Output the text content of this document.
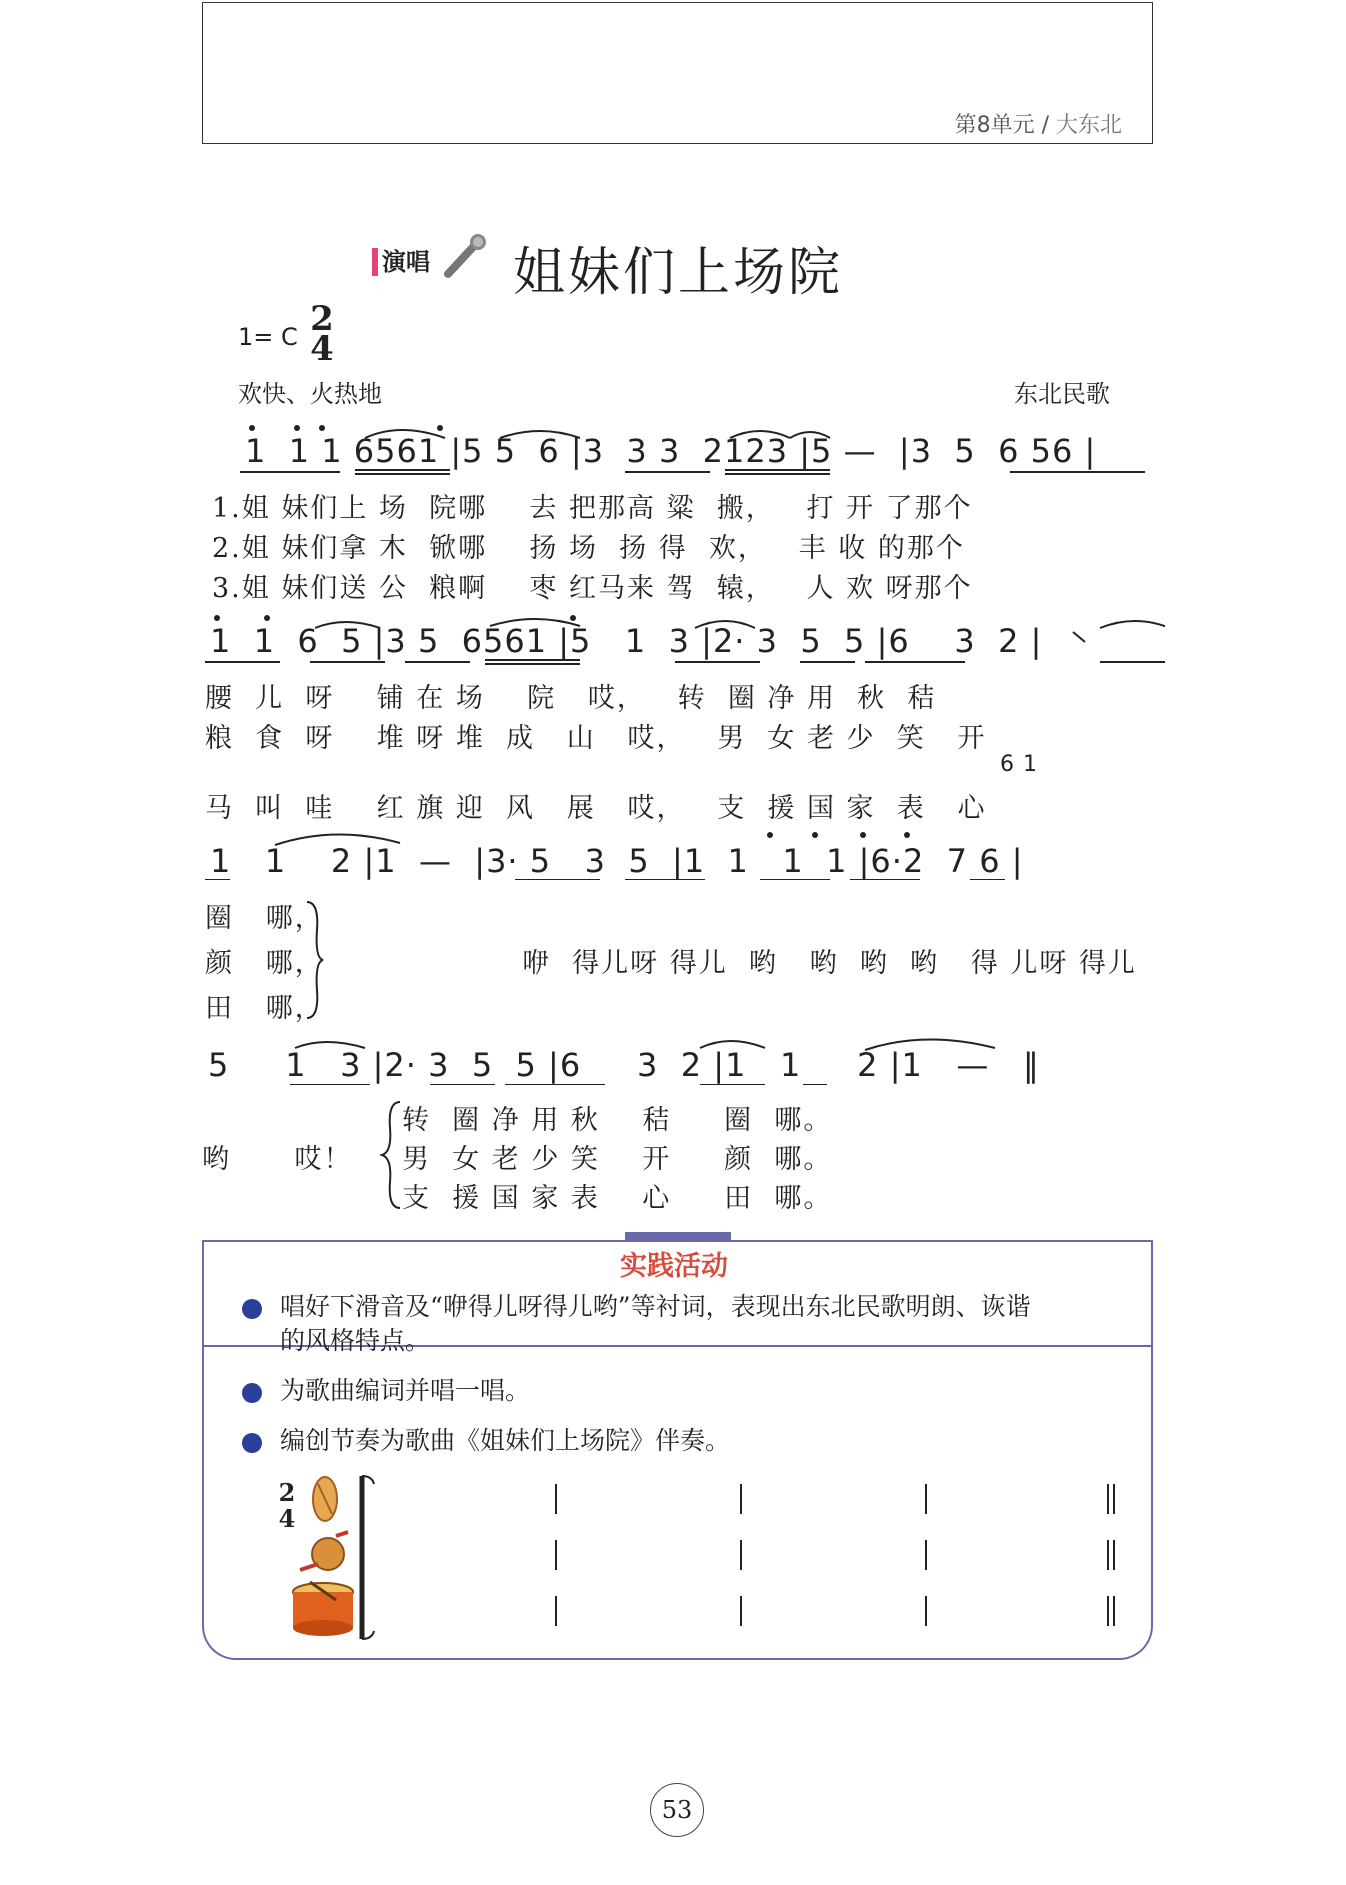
第8单元 / 大东北
演唱 姐妹们上场院
1= C 2
4
欢快、火热地	东北民歌
1  1 1 6561 |5 5  6 |3  3 3  2123 |5 —  |3  5  6 56 |
1.姐 妹们上 场  院哪    去 把那高 粱  搬，   打 开 了那个
2.姐 妹们拿 木  锨哪    扬 场  扬 得  欢，   丰 收 的那个
3.姐 妹们送 公  粮啊    枣 红马来 驾  辕，   人 欢 呀那个
1  1  6  5 |3 5  6561 |5   1  3 |2· 3  5  5 |6    3  2 |
腰  儿  呀    铺 在 场    院   哎，   转  圈 净 用  秋  秸
粮  食  呀    堆 呀 堆  成   山   哎，   男  女 老 少  笑   开
6 1
马  叫  哇    红 旗 迎  风   展   哎，   支  援 国 家  表   心
1   1    2 |1  —  |3· 5   3  5  |1  1   1  1 |6·2  7 6 |
圈   哪，
颜   哪，
田   哪，
咿  得儿呀 得儿  哟   哟  哟  哟   得 儿呀 得儿
5     1   3 |2· 3  5  5 |6     3  2 |1   1     2 |1   —   ‖
转  圈 净 用 秋    秸     圈  哪。
哟      哎！ 男  女 老 少 笑    开     颜  哪。
支  援 国 家 表    心     田  哪。
实践活动
唱好下滑音及“咿得儿呀得儿哟”等衬词，表现出东北民歌明朗、诙谐
的风格特点。
为歌曲编词并唱一唱。
编创节奏为歌曲《姐妹们上场院》伴奏。
2
4
53
